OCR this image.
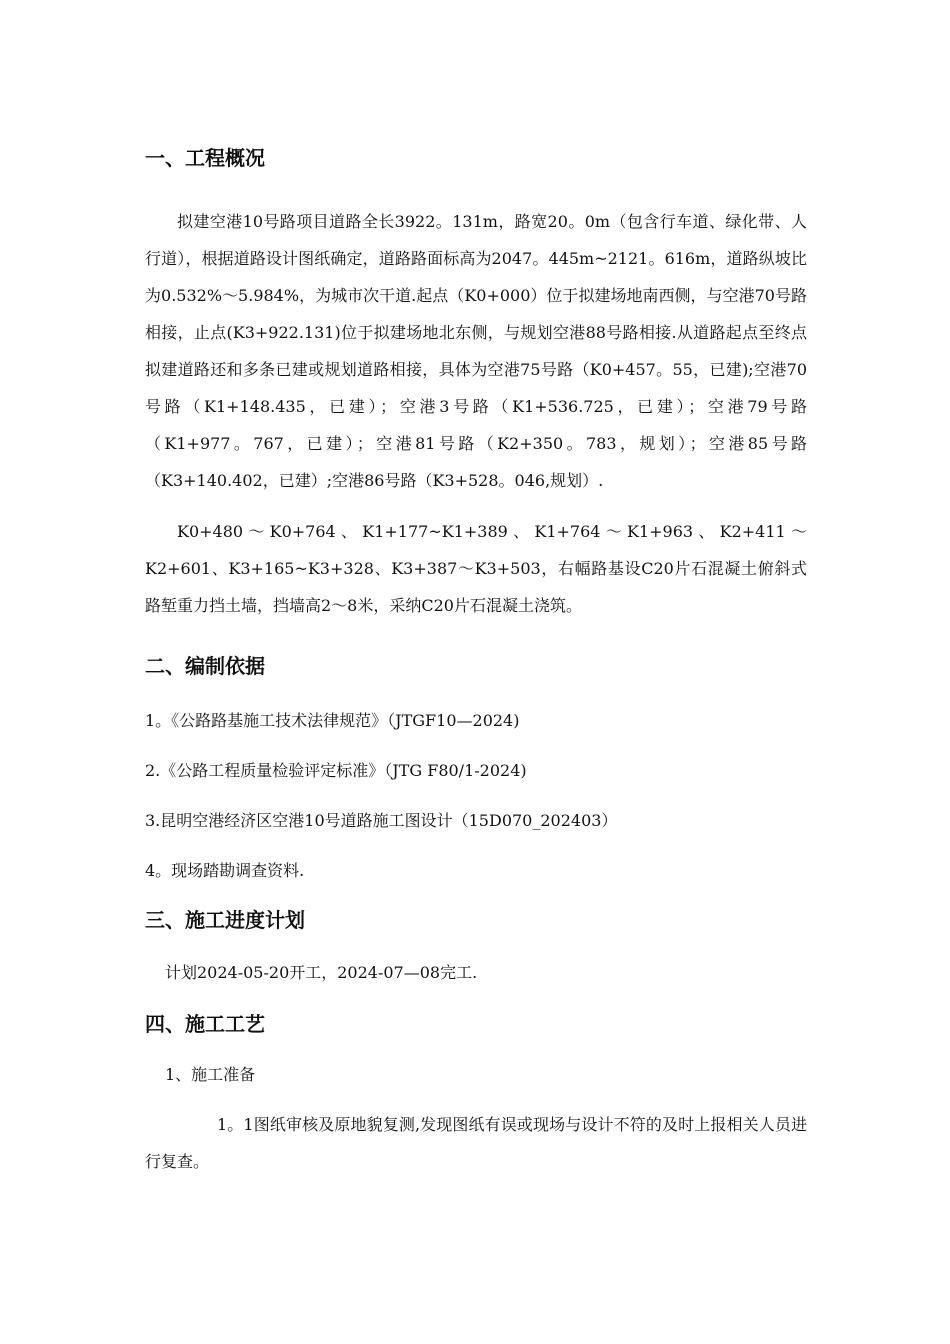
一、工程概况

拟建空港10号路项目道路全长3922。131m，路宽20。0m（包含行车道、绿化带、人行道），根据道路设计图纸确定，道路路面标高为2047。445m~2121。616m，道路纵坡比为0.532%～5.984%，为城市次干道.起点（K0+000）位于拟建场地南西侧，与空港70号路相接，止点(K3+922.131)位于拟建场地北东侧，与规划空港88号路相接.从道路起点至终点拟建道路还和多条已建或规划道路相接，具体为空港75号路（K0+457。55，已建);空港70号路（K1+148.435，已建）；空港3号路（K1+536.725，已建）；空港79号路（K1+977。767，已建）；空港81号路（K2+350。783，规划）；空港85号路（K3+140.402，已建）;空港86号路（K3+528。046,规划）.

K0+480～K0+764、K1+177~K1+389、K1+764～K1+963、K2+411～K2+601、K3+165~K3+328、K3+387～K3+503，右幅路基设C20片石混凝土俯斜式路堑重力挡土墙，挡墙高2～8米，采纳C20片石混凝土浇筑。

二、编制依据

1。《公路路基施工技术法律规范》（JTGF10—2024)

2.《公路工程质量检验评定标准》（JTG F80/1-2024)

3.昆明空港经济区空港10号道路施工图设计（15D070_202403）

4。现场踏勘调查资料.

三、施工进度计划

计划2024-05-20开工，2024-07—08完工.

四、施工工艺

1、施工准备

1。1图纸审核及原地貌复测,发现图纸有误或现场与设计不符的及时上报相关人员进行复查。
